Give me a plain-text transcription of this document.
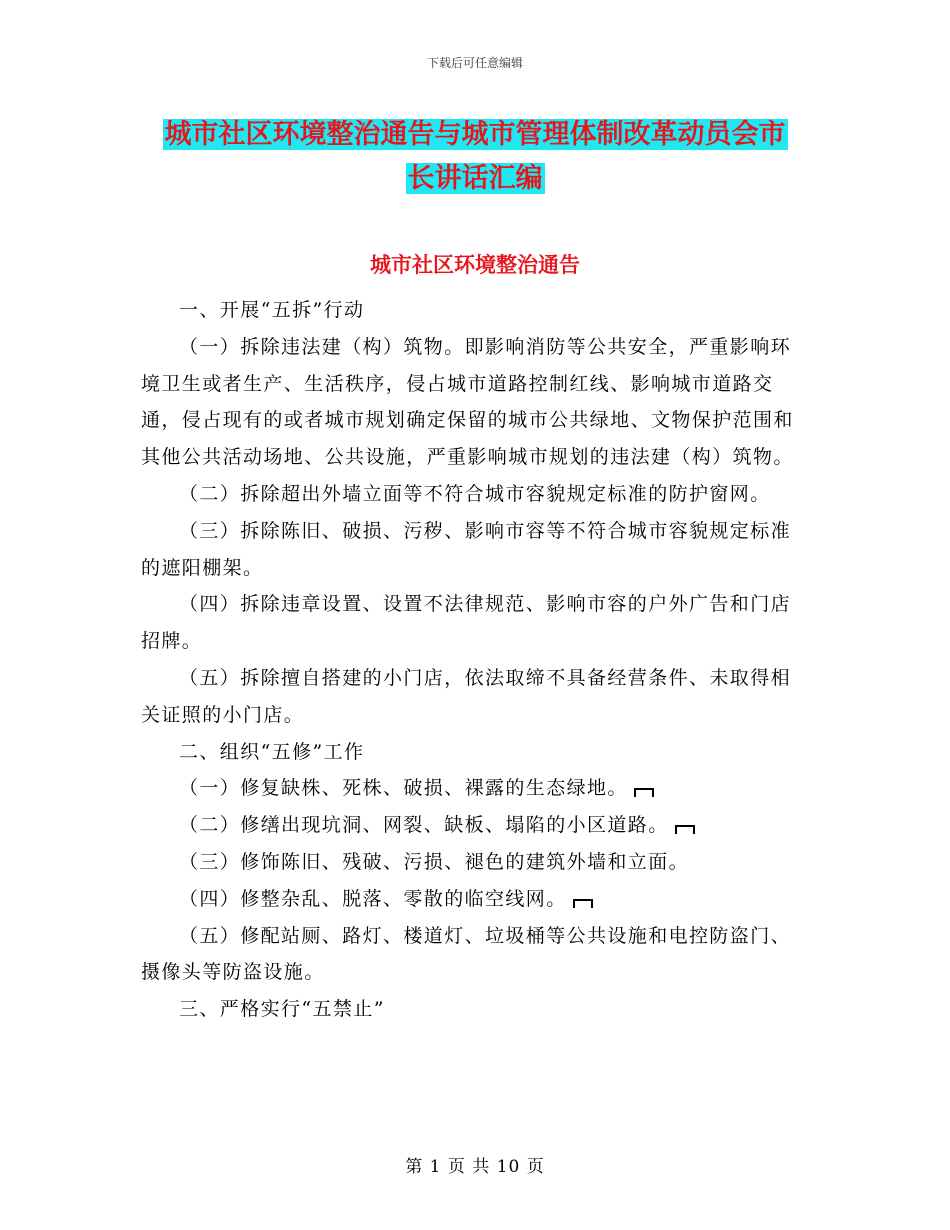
下载后可任意编辑
城市社区环境整治通告与城市管理体制改革动员会市
长讲话汇编
城市社区环境整治通告

一、开展“五拆”行动

（一）拆除违法建（构）筑物。即影响消防等公共安全，严重影响环境卫生或者生产、生活秩序，侵占城市道路控制红线、影响城市道路交通，侵占现有的或者城市规划确定保留的城市公共绿地、文物保护范围和其他公共活动场地、公共设施，严重影响城市规划的违法建（构）筑物。

（二）拆除超出外墙立面等不符合城市容貌规定标准的防护窗网。

（三）拆除陈旧、破损、污秽、影响市容等不符合城市容貌规定标准的遮阳棚架。

（四）拆除违章设置、设置不法律规范、影响市容的户外广告和门店招牌。

（五）拆除擅自搭建的小门店，依法取缔不具备经营条件、未取得相关证照的小门店。

二、组织“五修”工作

（一）修复缺株、死株、破损、裸露的生态绿地。

（二）修缮出现坑洞、网裂、缺板、塌陷的小区道路。

（三）修饰陈旧、残破、污损、褪色的建筑外墙和立面。

（四）修整杂乱、脱落、零散的临空线网。

（五）修配站厕、路灯、楼道灯、垃圾桶等公共设施和电控防盗门、摄像头等防盗设施。

三、严格实行“五禁止”

第 1 页 共 10 页
